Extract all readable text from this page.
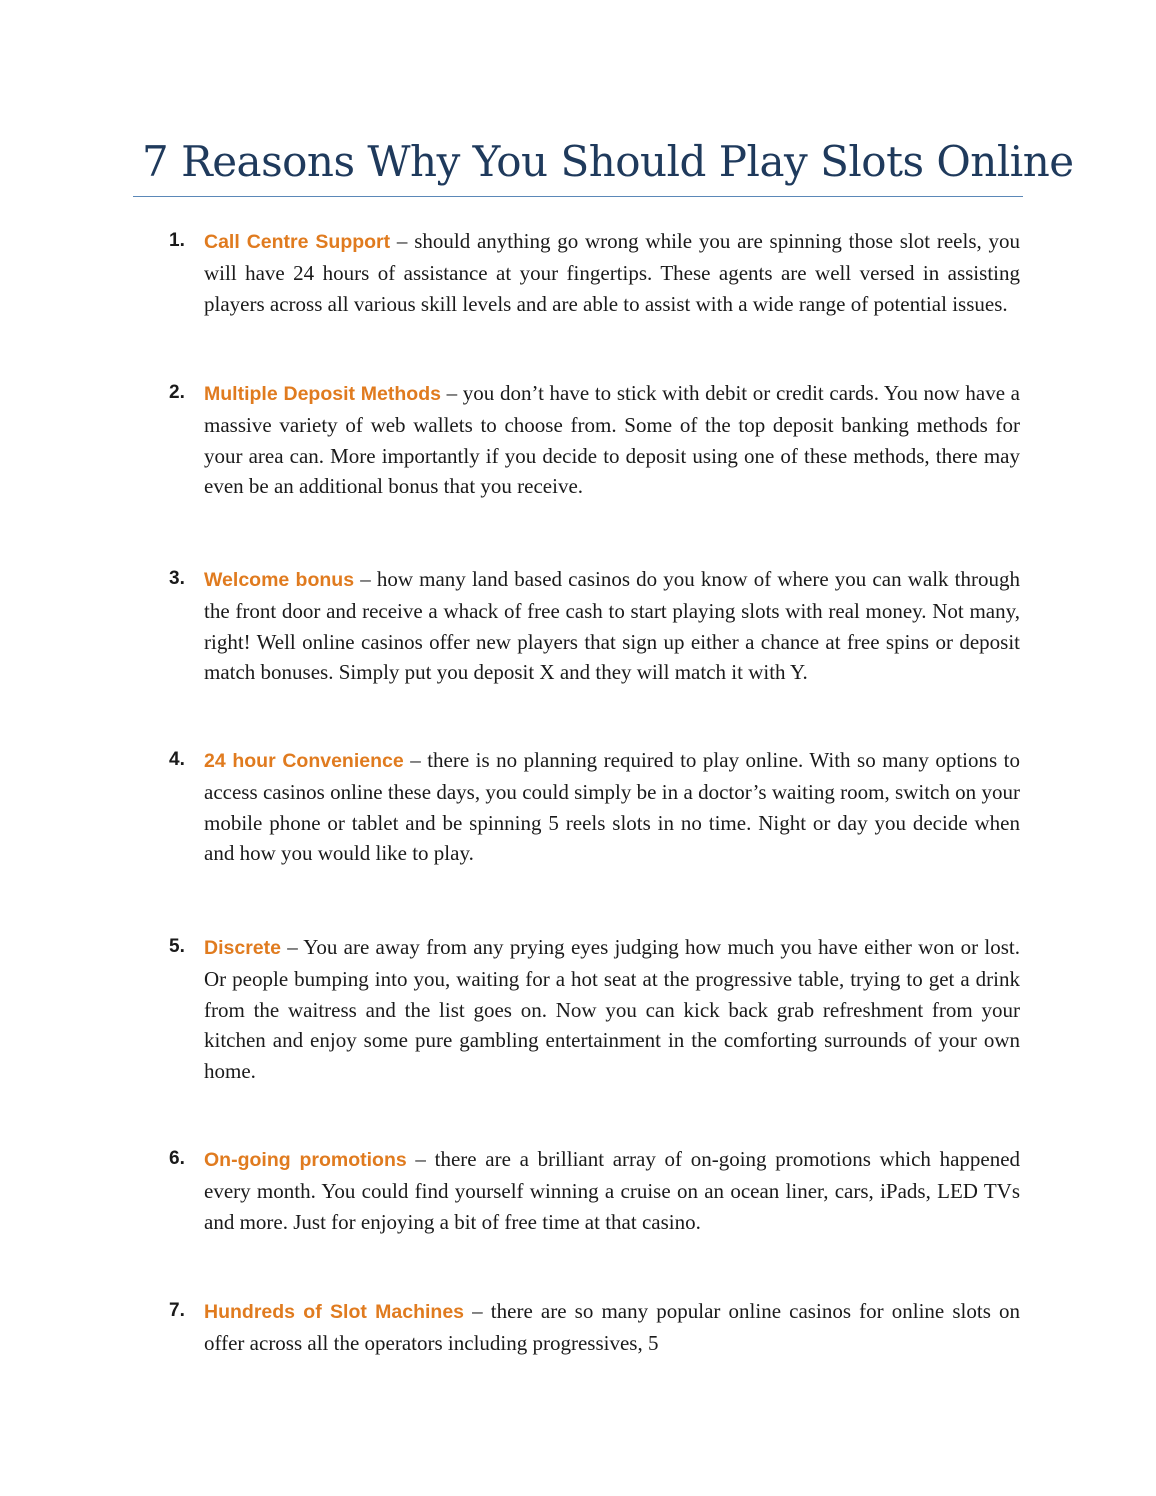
7 Reasons Why You Should Play Slots Online
1. Call Centre Support – should anything go wrong while you are spinning those slot reels, you will have 24 hours of assistance at your fingertips. These agents are well versed in assisting players across all various skill levels and are able to assist with a wide range of potential issues.
2. Multiple Deposit Methods – you don’t have to stick with debit or credit cards. You now have a massive variety of web wallets to choose from. Some of the top deposit banking methods for your area can. More importantly if you decide to deposit using one of these methods, there may even be an additional bonus that you receive.
3. Welcome bonus – how many land based casinos do you know of where you can walk through the front door and receive a whack of free cash to start playing slots with real money. Not many, right! Well online casinos offer new players that sign up either a chance at free spins or deposit match bonuses. Simply put you deposit X and they will match it with Y.
4. 24 hour Convenience – there is no planning required to play online. With so many options to access casinos online these days, you could simply be in a doctor’s waiting room, switch on your mobile phone or tablet and be spinning 5 reels slots in no time. Night or day you decide when and how you would like to play.
5. Discrete – You are away from any prying eyes judging how much you have either won or lost. Or people bumping into you, waiting for a hot seat at the progressive table, trying to get a drink from the waitress and the list goes on. Now you can kick back grab refreshment from your kitchen and enjoy some pure gambling entertainment in the comforting surrounds of your own home.
6. On-going promotions – there are a brilliant array of on-going promotions which happened every month. You could find yourself winning a cruise on an ocean liner, cars, iPads, LED TVs and more. Just for enjoying a bit of free time at that casino.
7. Hundreds of Slot Machines – there are so many popular online casinos for online slots on offer across all the operators including progressives, 5
